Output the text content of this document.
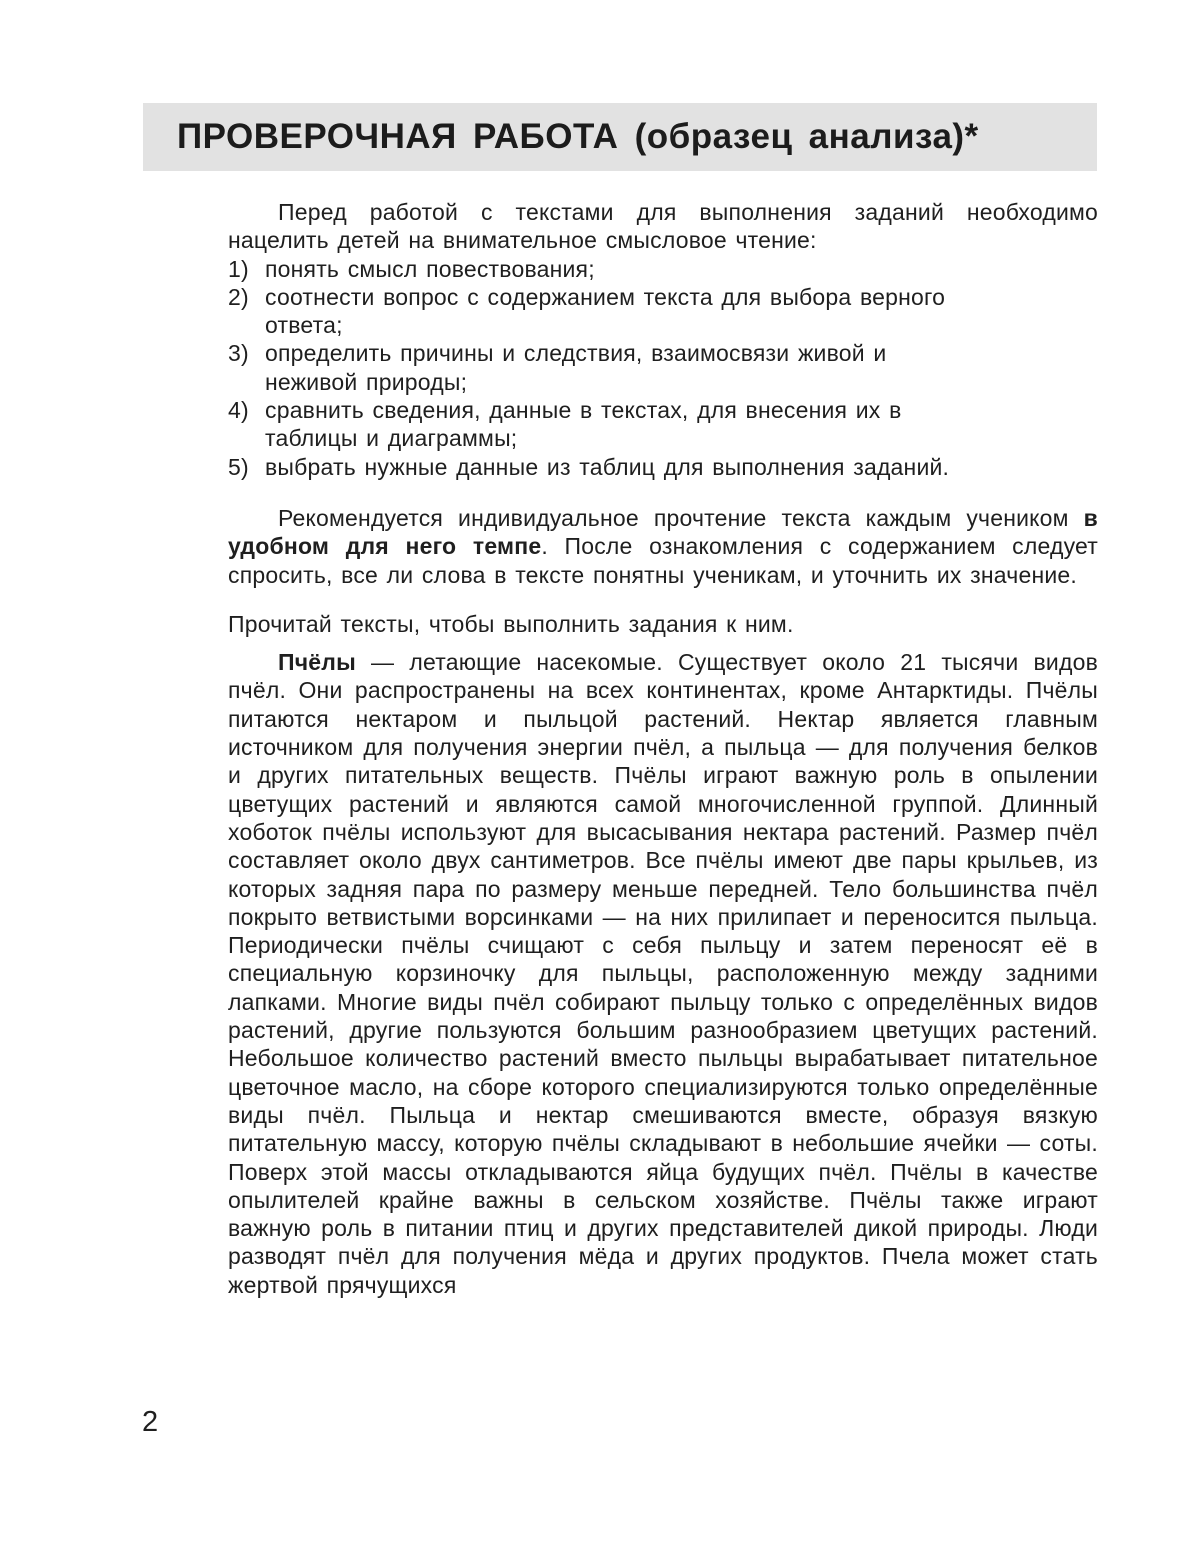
ПРОВЕРОЧНАЯ РАБОТА (образец анализа)*

Перед работой с текстами для выполнения заданий необходимо нацелить детей на внимательное смысловое чтение:

1) понять смысл повествования;
2) соотнести вопрос с содержанием текста для выбора верного ответа;
3) определить причины и следствия, взаимосвязи живой и неживой природы;
4) сравнить сведения, данные в текстах, для внесения их в таблицы и диаграммы;
5) выбрать нужные данные из таблиц для выполнения заданий.

Рекомендуется индивидуальное прочтение текста каждым учеником в удобном для него темпе. После ознакомления с содержанием следует спросить, все ли слова в тексте понятны ученикам, и уточнить их значение.

Прочитай тексты, чтобы выполнить задания к ним.

Пчёлы — летающие насекомые. Существует около 21 тысячи видов пчёл. Они распространены на всех континентах, кроме Антарктиды. Пчёлы питаются нектаром и пыльцой растений. Нектар является главным источником для получения энергии пчёл, а пыльца — для получения белков и других питательных веществ. Пчёлы играют важную роль в опылении цветущих растений и являются самой многочисленной группой. Длинный хоботок пчёлы используют для высасывания нектара растений. Размер пчёл составляет около двух сантиметров. Все пчёлы имеют две пары крыльев, из которых задняя пара по размеру меньше передней. Тело большинства пчёл покрыто ветвистыми ворсинками — на них прилипает и переносится пыльца. Периодически пчёлы счищают с себя пыльцу и затем переносят её в специальную корзиночку для пыльцы, расположенную между задними лапками. Многие виды пчёл собирают пыльцу только с определённых видов растений, другие пользуются большим разнообразием цветущих растений. Небольшое количество растений вместо пыльцы вырабатывает питательное цветочное масло, на сборе которого специализируются только определённые виды пчёл. Пыльца и нектар смешиваются вместе, образуя вязкую питательную массу, которую пчёлы складывают в небольшие ячейки — соты. Поверх этой массы откладываются яйца будущих пчёл. Пчёлы в качестве опылителей крайне важны в сельском хозяйстве. Пчёлы также играют важную роль в питании птиц и других представителей дикой природы. Люди разводят пчёл для получения мёда и других продуктов. Пчела может стать жертвой прячущихся

2
